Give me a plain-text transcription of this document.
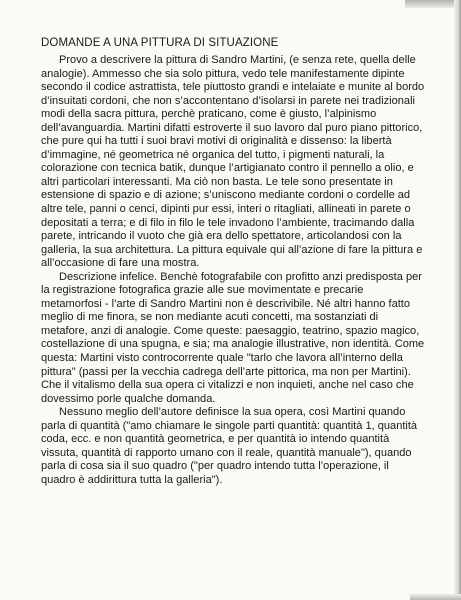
DOMANDE A UNA PITTURA DI SITUAZIONE

Provo a descrivere la pittura di Sandro Martini, (e senza rete, quella delle analogie). Ammesso che sia solo pittura, vedo tele manifestamente dipinte secondo il codice astrattista, tele piuttosto grandi e intelaiate e munite al bordo d’insuitati cordoni, che non s’accontentano d’isolarsi in parete nei tradizionali modi della sacra pittura, perchè praticano, come è giusto, l’alpinismo dell’avanguardia. Martini difatti estroverte il suo lavoro dal puro piano pittorico, che pure qui ha tutti i suoi bravi motivi di originalità e dissenso: la libertà d’immagine, né geometrica né organica del tutto, i pigmenti naturali, la colorazione con tecnica batik, dunque l’artigianato contro il pennello a olio, e altri particolari interessanti. Ma ciò non basta. Le tele sono presentate in estensione di spazio e di azione; s’uniscono mediante cordoni o cordelle ad altre tele, panni o cenci, dipinti pur essi, interi o ritagliati, allineati in parete o depositati a terra; e di filo in filo le tele invadono l’ambiente, tracimando dalla parete, intricando il vuoto che già era dello spettatore, articolandosi con la galleria, la sua architettura. La pittura equivale qui all’azione di fare la pittura e all’occasione di fare una mostra.

Descrizione infelice. Benchè fotografabile con profitto anzi predisposta per la registrazione fotografica grazie alle sue movimentate e precarie metamorfosi - l’arte di Sandro Martini non è descrivibile. Né altri hanno fatto meglio di me finora, se non mediante acuti concetti, ma sostanziati di metafore, anzi di analogie. Come queste: paesaggio, teatrino, spazio magico, costellazione di una spugna, e sia; ma analogie illustrative, non identità. Come questa: Martini visto controcorrente quale "tarlo che lavora all’interno della pittura" (passi per la vecchia cadrega dell’arte pittorica, ma non per Martini). Che il vitalismo della sua opera ci vitalizzi e non inquieti, anche nel caso che dovessimo porle qualche domanda.

Nessuno meglio dell’autore definisce la sua opera, così Martini quando parla di quantità ("amo chiamare le singole parti quantità: quantità 1, quantità coda, ecc. e non quantità geometrica, e per quantità io intendo quantità vissuta, quantità di rapporto umano con il reale, quantità manuale"), quando parla di cosa sia il suo quadro ("per quadro intendo tutta l’operazione, il quadro è addirittura tutta la galleria").
